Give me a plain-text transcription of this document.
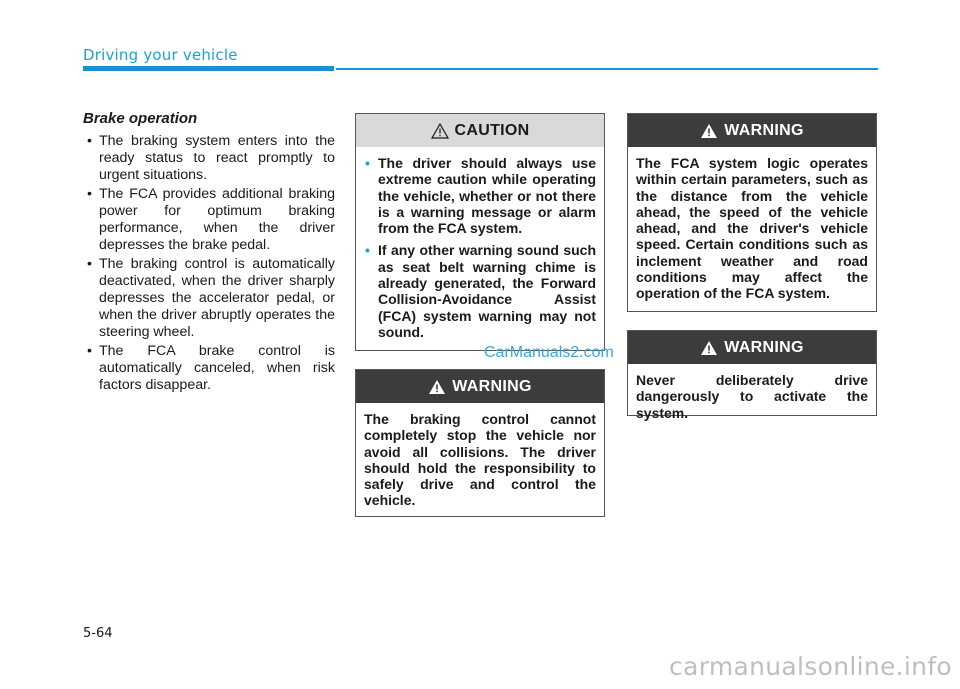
Driving your vehicle
Brake operation
• The braking system enters into the ready status to react promptly to urgent situations.
• The FCA provides additional braking power for optimum braking performance, when the driver depresses the brake pedal.
• The braking control is automatically deactivated, when the driver sharply depresses the accelerator pedal, or when the driver abruptly operates the steering wheel.
• The FCA brake control is automatically canceled, when risk factors disappear.
CAUTION
• The driver should always use extreme caution while operating the vehicle, whether or not there is a warning message or alarm from the FCA system.
• If any other warning sound such as seat belt warning chime is already generated, the Forward Collision-Avoidance Assist (FCA) system warning may not sound.
WARNING

The braking control cannot completely stop the vehicle nor avoid all collisions. The driver should hold the responsibility to safely drive and control the vehicle.

WARNING

The FCA system logic operates within certain parameters, such as the distance from the vehicle ahead, the speed of the vehicle ahead, and the driver's vehicle speed. Certain conditions such as inclement weather and road conditions may affect the operation of the FCA system.

WARNING

Never deliberately drive dangerously to activate the system.

CarManuals2.com
5-64
carmanualsonline.info
